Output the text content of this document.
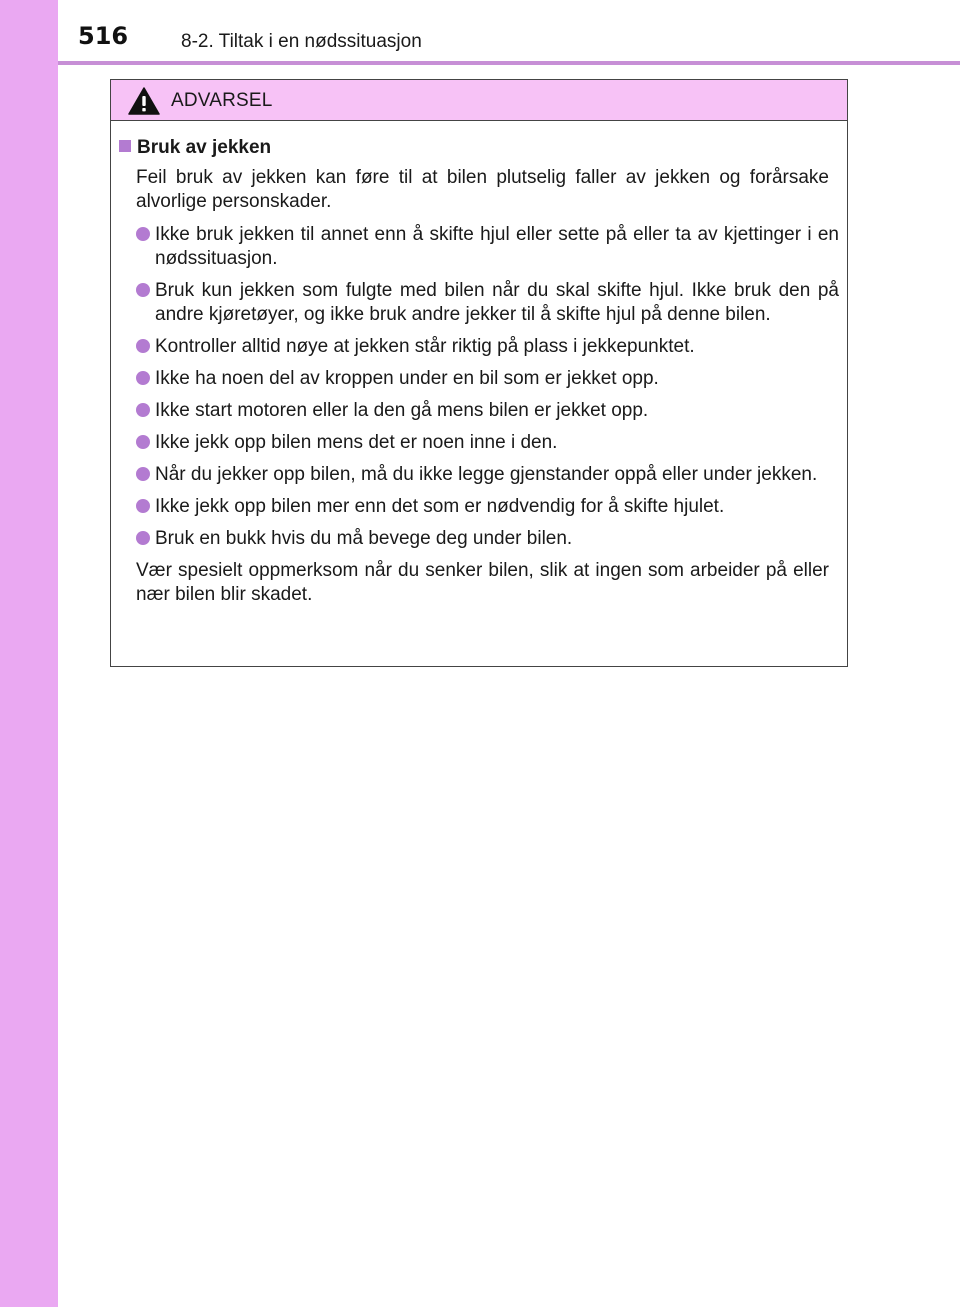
516	8-2. Tiltak i en nødssituasjon
ADVARSEL
Bruk av jekken
Feil bruk av jekken kan føre til at bilen plutselig faller av jekken og forårsake alvorlige personskader.
Ikke bruk jekken til annet enn å skifte hjul eller sette på eller ta av kjettinger i en nødssituasjon.
Bruk kun jekken som fulgte med bilen når du skal skifte hjul. Ikke bruk den på andre kjøretøyer, og ikke bruk andre jekker til å skifte hjul på denne bilen.
Kontroller alltid nøye at jekken står riktig på plass i jekkepunktet.
Ikke ha noen del av kroppen under en bil som er jekket opp.
Ikke start motoren eller la den gå mens bilen er jekket opp.
Ikke jekk opp bilen mens det er noen inne i den.
Når du jekker opp bilen, må du ikke legge gjenstander oppå eller under jekken.
Ikke jekk opp bilen mer enn det som er nødvendig for å skifte hjulet.
Bruk en bukk hvis du må bevege deg under bilen.
Vær spesielt oppmerksom når du senker bilen, slik at ingen som arbeider på eller nær bilen blir skadet.
